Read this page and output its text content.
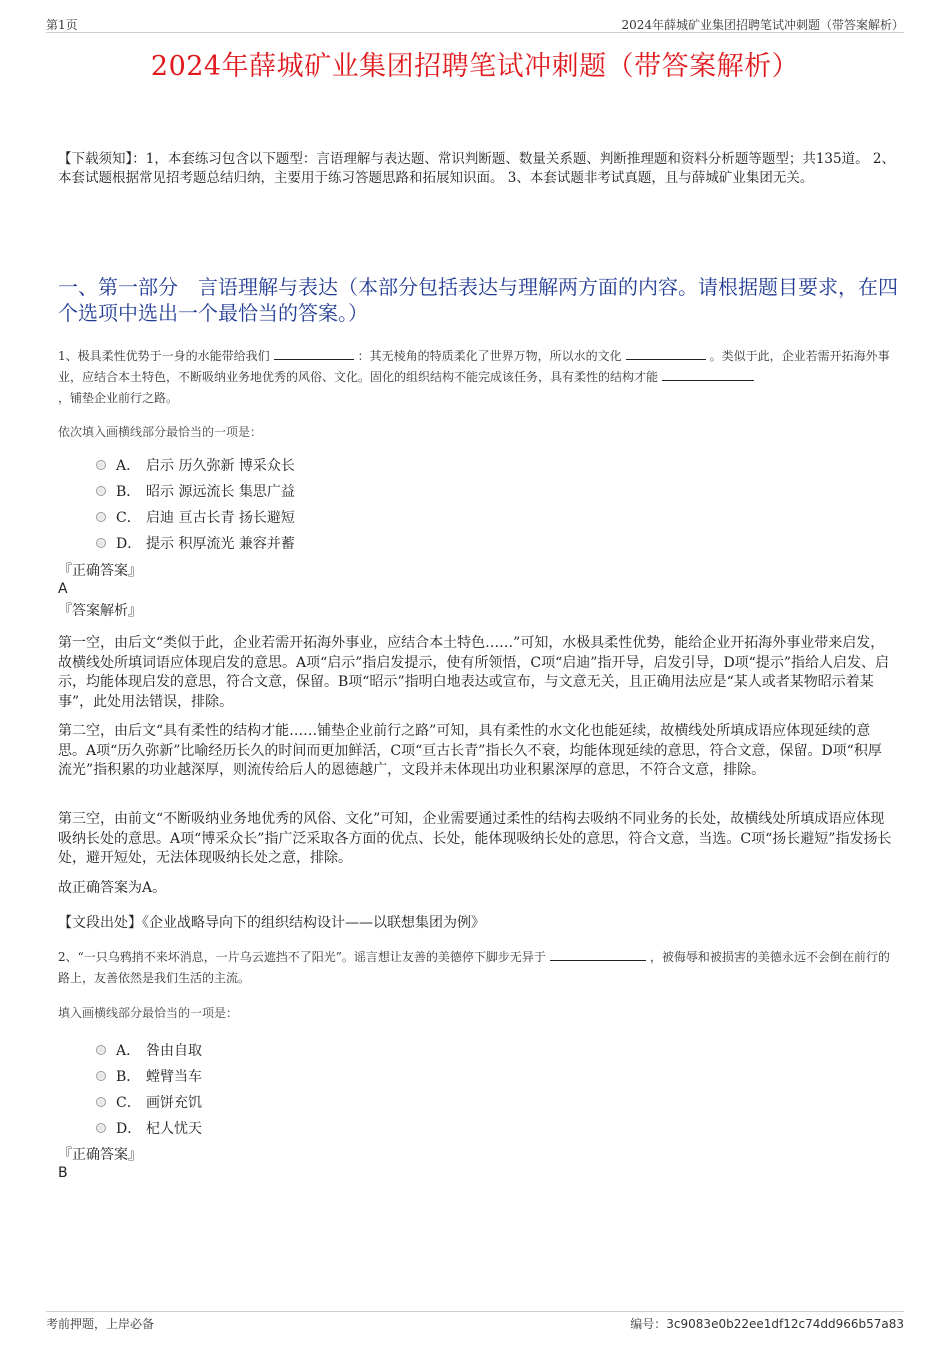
第1页	2024年薛城矿业集团招聘笔试冲刺题（带答案解析）
2024年薛城矿业集团招聘笔试冲刺题（带答案解析）
【下载须知】：1，本套练习包含以下题型：言语理解与表达题、常识判断题、数量关系题、判断推理题和资料分析题等题型；共135道。 2、本套试题根据常见招考题总结归纳，主要用于练习答题思路和拓展知识面。 3、本套试题非考试真题，且与薛城矿业集团无关。
一、第一部分　言语理解与表达（本部分包括表达与理解两方面的内容。请根据题目要求，在四个选项中选出一个最恰当的答案。）
1、极具柔性优势于一身的水能带给我们	：其无棱角的特质柔化了世界万物，所以水的文化	。类似于此，企业若需开拓海外事业，应结合本土特色，不断吸纳业务地优秀的风俗、文化。固化的组织结构不能完成该任务，具有柔性的结构才能
，铺垫企业前行之路。
依次填入画横线部分最恰当的一项是：
A． 启示 历久弥新 博采众长
B． 昭示 源远流长 集思广益
C． 启迪 亘古长青 扬长避短
D． 提示 积厚流光 兼容并蓄
『正确答案』
A
『答案解析』
第一空，由后文“类似于此，企业若需开拓海外事业，应结合本土特色……”可知，水极具柔性优势，能给企业开拓海外事业带来启发，故横线处所填词语应体现启发的意思。A项“启示”指启发提示，使有所领悟，C项“启迪”指开导，启发引导，D项“提示”指给人启发、启示，均能体现启发的意思，符合文意，保留。B项“昭示”指明白地表达或宣布，与文意无关，且正确用法应是“某人或者某物昭示着某事”，此处用法错误，排除。
第二空，由后文“具有柔性的结构才能……铺垫企业前行之路”可知，具有柔性的水文化也能延续，故横线处所填成语应体现延续的意思。A项“历久弥新”比喻经历长久的时间而更加鲜活，C项“亘古长青”指长久不衰，均能体现延续的意思，符合文意，保留。D项“积厚流光”指积累的功业越深厚，则流传给后人的恩德越广，文段并未体现出功业积累深厚的意思，不符合文意，排除。
第三空，由前文“不断吸纳业务地优秀的风俗、文化”可知，企业需要通过柔性的结构去吸纳不同业务的长处，故横线处所填成语应体现吸纳长处的意思。A项“博采众长”指广泛采取各方面的优点、长处，能体现吸纳长处的意思，符合文意，当选。C项“扬长避短”指发扬长处，避开短处，无法体现吸纳长处之意，排除。
故正确答案为A。
【文段出处】《企业战略导向下的组织结构设计——以联想集团为例》
2、“一只乌鸦捎不来坏消息，一片乌云遮挡不了阳光”。谣言想让友善的美德停下脚步无异于	，被侮辱和被损害的美德永远不会倒在前行的路上，友善依然是我们生活的主流。
填入画横线部分最恰当的一项是：
A． 咎由自取
B． 螳臂当车
C． 画饼充饥
D． 杞人忧天
『正确答案』
B
考前押题，上岸必备	编号：3c9083e0b22ee1df12c74dd966b57a83
